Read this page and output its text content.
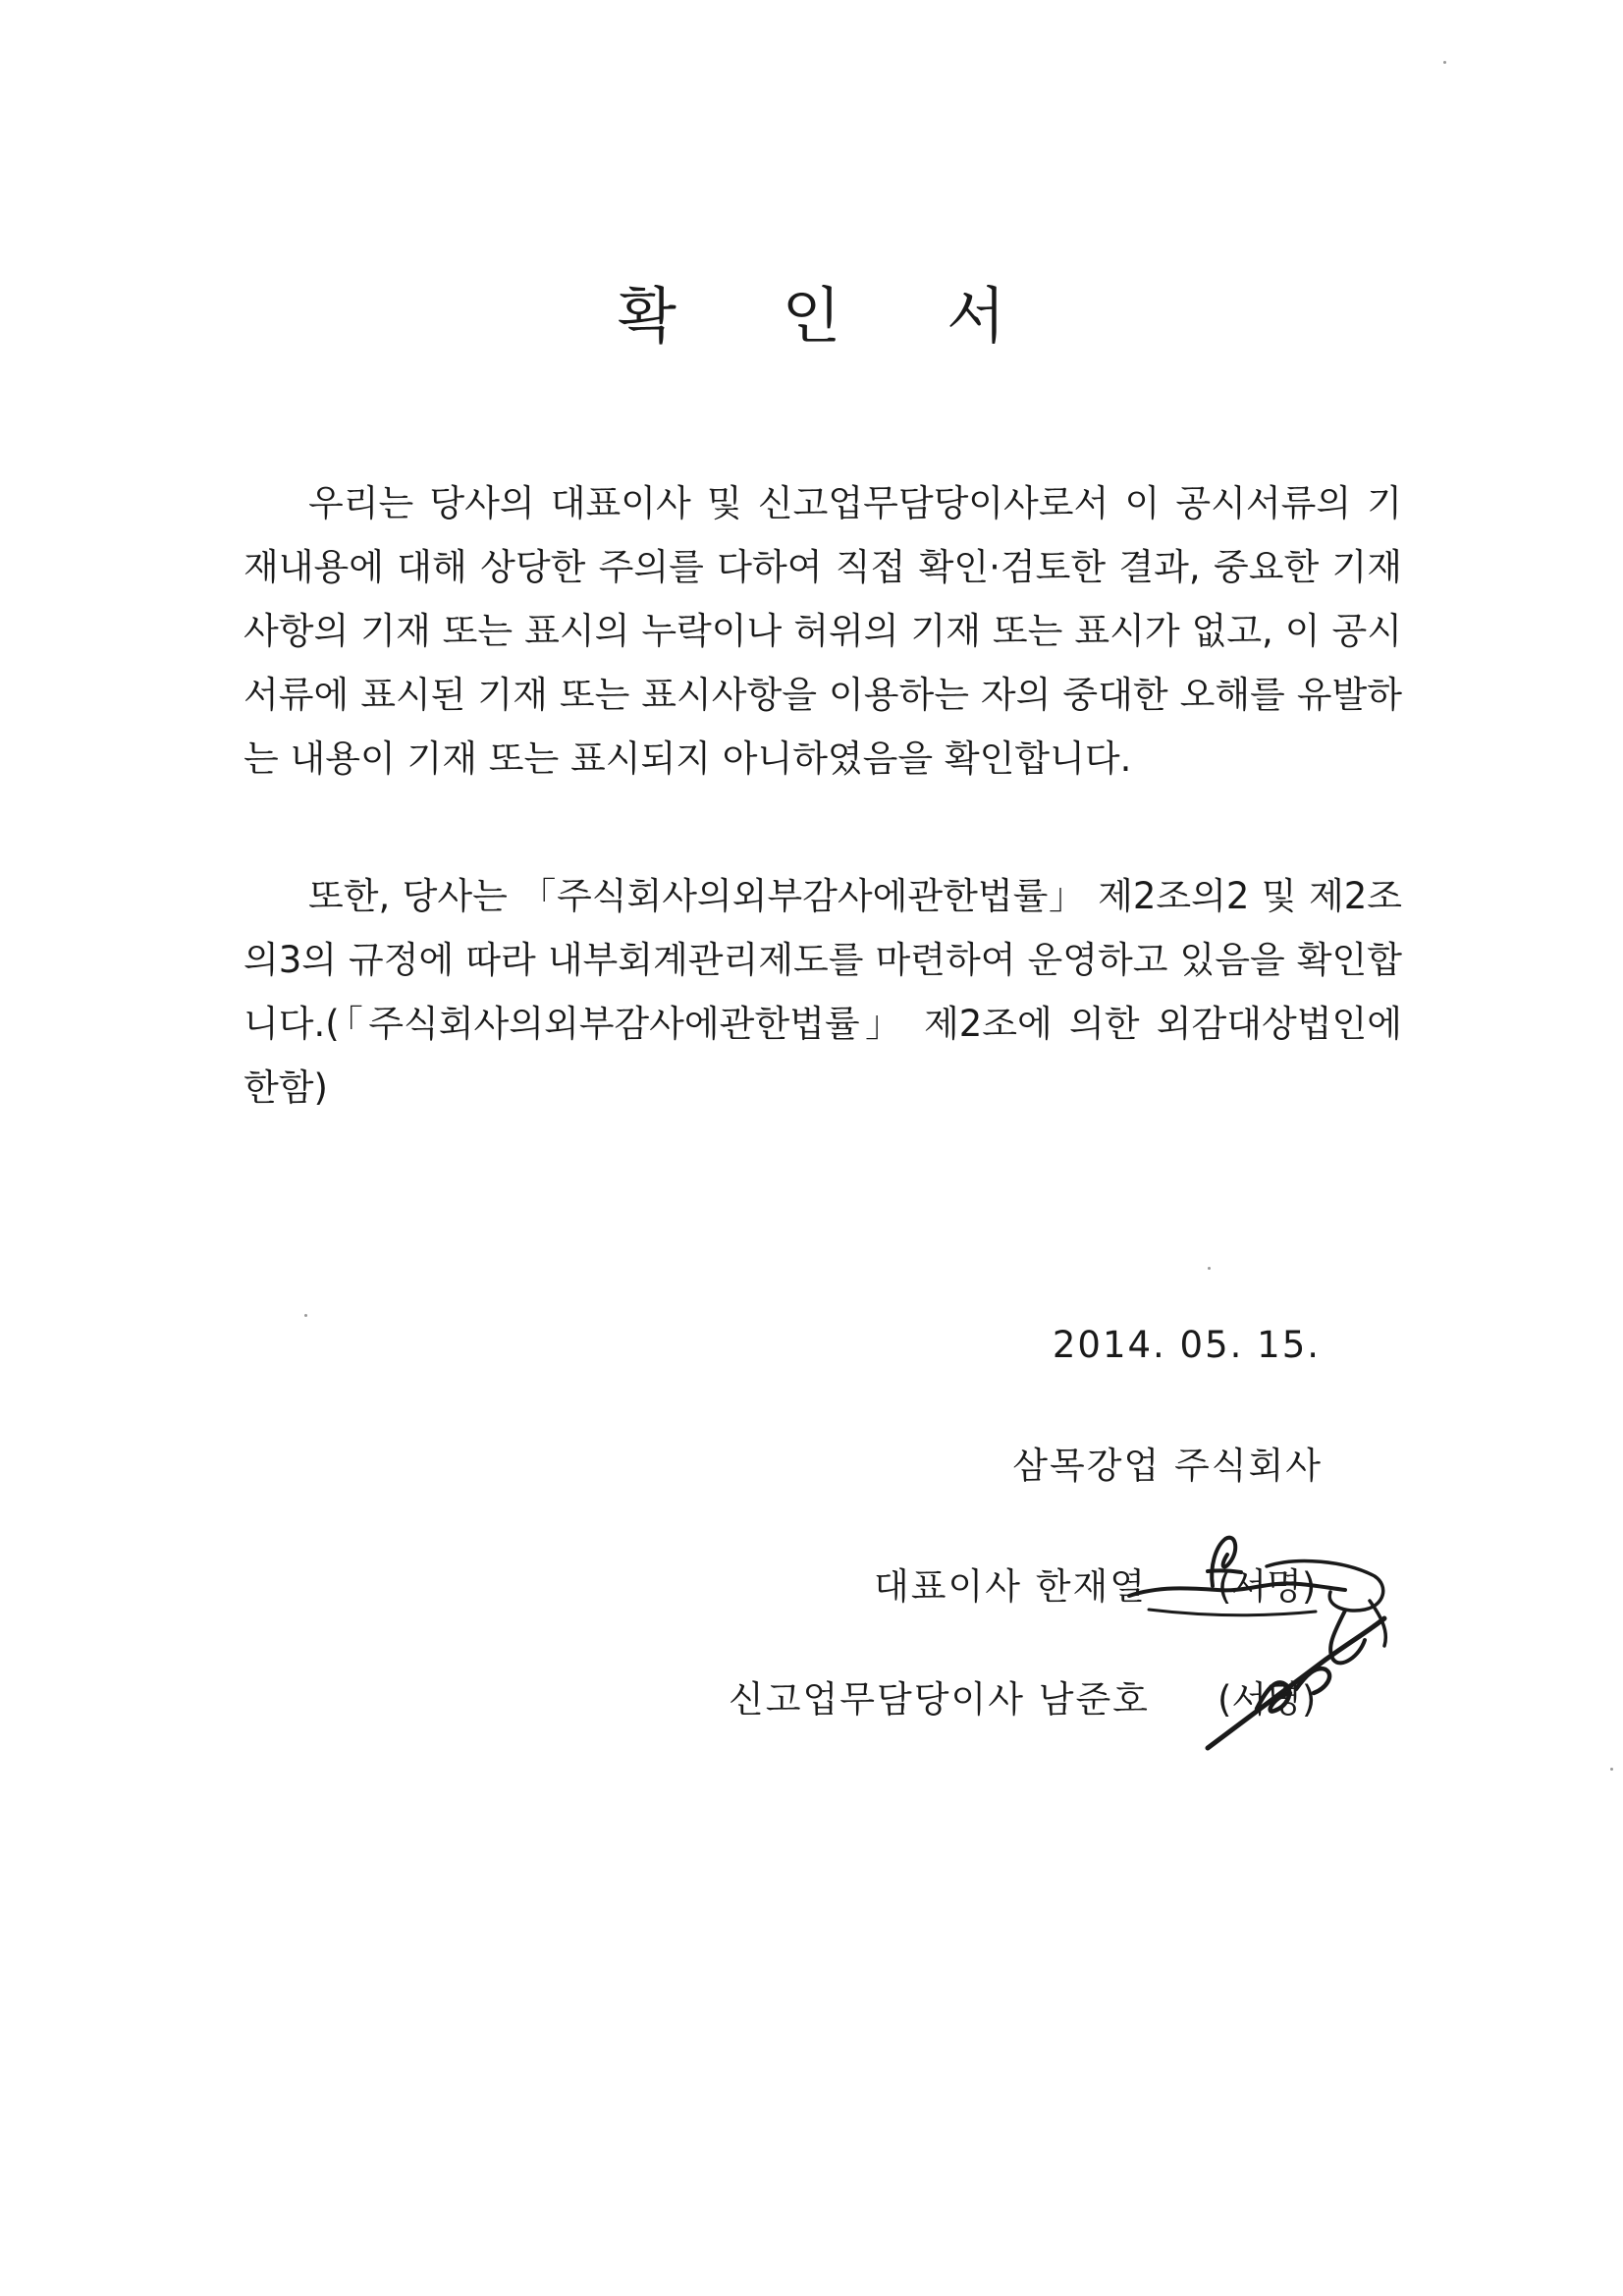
확 인 서

우리는 당사의 대표이사 및 신고업무담당이사로서 이 공시서류의 기재내용에 대해 상당한 주의를 다하여 직접 확인·검토한 결과, 중요한 기재사항의 기재 또는 표시의 누락이나 허위의 기재 또는 표시가 없고, 이 공시서류에 표시된 기재 또는 표시사항을 이용하는 자의 중대한 오해를 유발하는 내용이 기재 또는 표시되지 아니하였음을 확인합니다.

또한, 당사는 「주식회사의외부감사에관한법률」 제2조의2 및 제2조의3의 규정에 따라 내부회계관리제도를 마련하여 운영하고 있음을 확인합니다.(「주식회사의외부감사에관한법률」 제2조에 의한 외감대상법인에 한함)

2014. 05. 15.
삼목강업 주식회사
대표이사 한재열 (서명)
신고업무담당이사 남준호 (서명)
